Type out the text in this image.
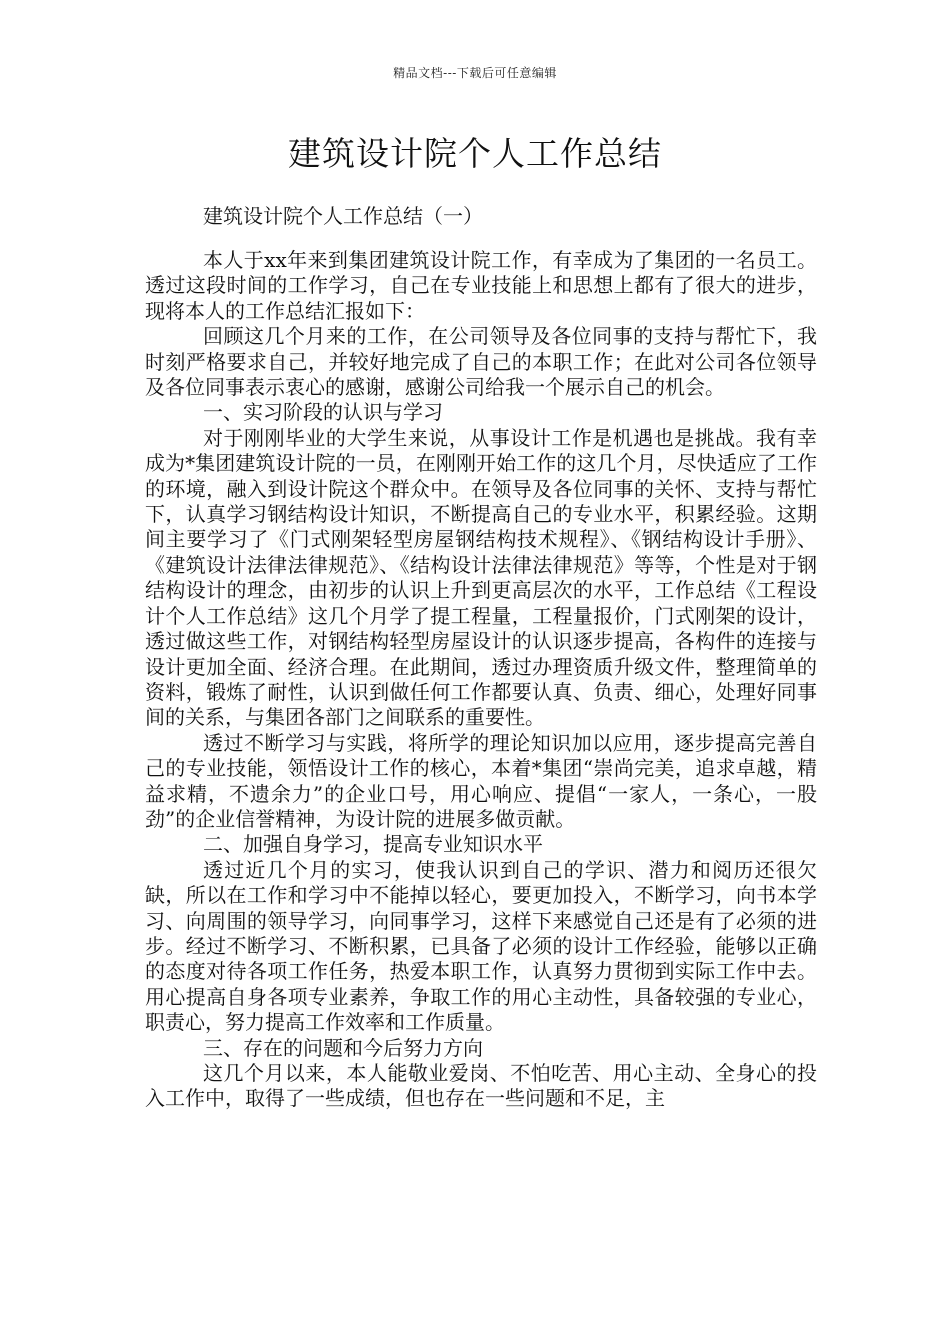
精品文档---下载后可任意编辑
建筑设计院个人工作总结
建筑设计院个人工作总结（一）

本人于xx年来到集团建筑设计院工作，有幸成为了集团的一名员工。透过这段时间的工作学习，自己在专业技能上和思想上都有了很大的进步，现将本人的工作总结汇报如下：

回顾这几个月来的工作，在公司领导及各位同事的支持与帮忙下，我时刻严格要求自己，并较好地完成了自己的本职工作；在此对公司各位领导及各位同事表示衷心的感谢，感谢公司给我一个展示自己的机会。

一、实习阶段的认识与学习

对于刚刚毕业的大学生来说，从事设计工作是机遇也是挑战。我有幸成为*集团建筑设计院的一员，在刚刚开始工作的这几个月，尽快适应了工作的环境，融入到设计院这个群众中。在领导及各位同事的关怀、支持与帮忙下，认真学习钢结构设计知识，不断提高自己的专业水平，积累经验。这期间主要学习了《门式刚架轻型房屋钢结构技术规程》、《钢结构设计手册》、《建筑设计法律法律规范》、《结构设计法律法律规范》等等，个性是对于钢结构设计的理念，由初步的认识上升到更高层次的水平，工作总结《工程设计个人工作总结》这几个月学了提工程量，工程量报价，门式刚架的设计，透过做这些工作，对钢结构轻型房屋设计的认识逐步提高，各构件的连接与设计更加全面、经济合理。在此期间，透过办理资质升级文件，整理简单的资料，锻炼了耐性，认识到做任何工作都要认真、负责、细心，处理好同事间的关系，与集团各部门之间联系的重要性。

透过不断学习与实践，将所学的理论知识加以应用，逐步提高完善自己的专业技能，领悟设计工作的核心，本着*集团“崇尚完美，追求卓越，精益求精，不遗余力”的企业口号，用心响应、提倡“一家人，一条心，一股劲”的企业信誉精神，为设计院的进展多做贡献。

二、加强自身学习，提高专业知识水平

透过近几个月的实习，使我认识到自己的学识、潜力和阅历还很欠缺，所以在工作和学习中不能掉以轻心，要更加投入，不断学习，向书本学习、向周围的领导学习，向同事学习，这样下来感觉自己还是有了必须的进步。经过不断学习、不断积累，已具备了必须的设计工作经验，能够以正确的态度对待各项工作任务，热爱本职工作，认真努力贯彻到实际工作中去。用心提高自身各项专业素养，争取工作的用心主动性，具备较强的专业心，职责心，努力提高工作效率和工作质量。

三、存在的问题和今后努力方向

这几个月以来，本人能敬业爱岗、不怕吃苦、用心主动、全身心的投入工作中，取得了一些成绩，但也存在一些问题和不足，主
